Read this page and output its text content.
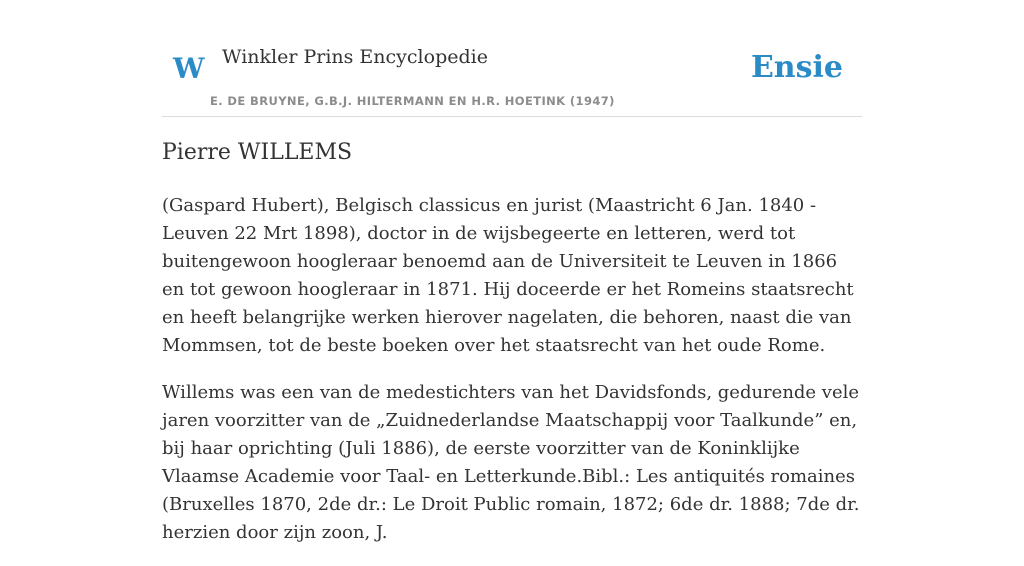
W Winkler Prins Encyclopedie	Ensie
E. DE BRUYNE, G.B.J. HILTERMANN EN H.R. HOETINK (1947)
Pierre WILLEMS

(Gaspard Hubert), Belgisch classicus en jurist (Maastricht 6 Jan. 1840 - Leuven 22 Mrt 1898), doctor in de wijsbegeerte en letteren, werd tot buitengewoon hoogleraar benoemd aan de Universiteit te Leuven in 1866 en tot gewoon hoogleraar in 1871. Hij doceerde er het Romeins staatsrecht en heeft belangrijke werken hierover nagelaten, die behoren, naast die van Mommsen, tot de beste boeken over het staatsrecht van het oude Rome.

Willems was een van de medestichters van het Davidsfonds, gedurende vele jaren voorzitter van de „Zuidnederlandse Maatschappij voor Taalkunde” en, bij haar oprichting (Juli 1886), de eerste voorzitter van de Koninklijke Vlaamse Academie voor Taal- en Letterkunde.Bibl.: Les antiquités romaines (Bruxelles 1870, 2de dr.: Le Droit Public romain, 1872; 6de dr. 1888; 7de dr. herzien door zijn zoon, J.
